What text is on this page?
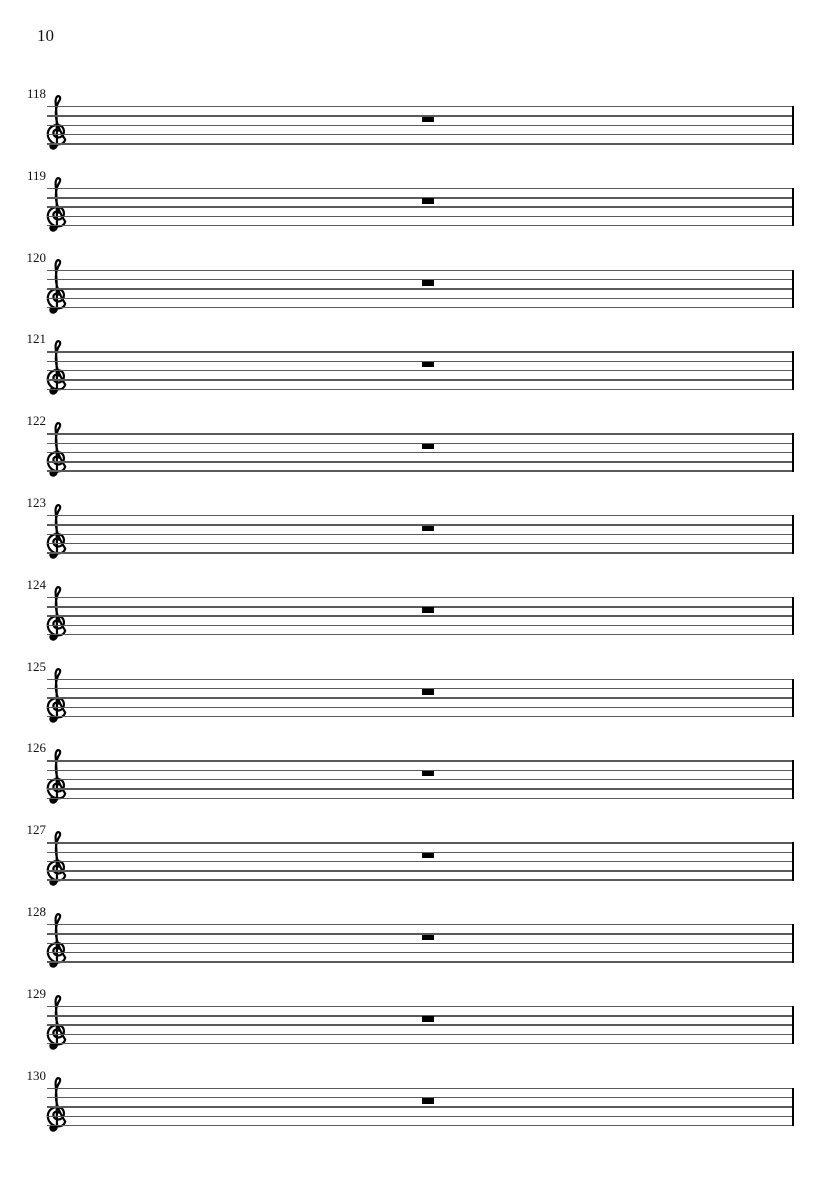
10
118
119
120
121
122
123
124
125
126
127
128
129
130
